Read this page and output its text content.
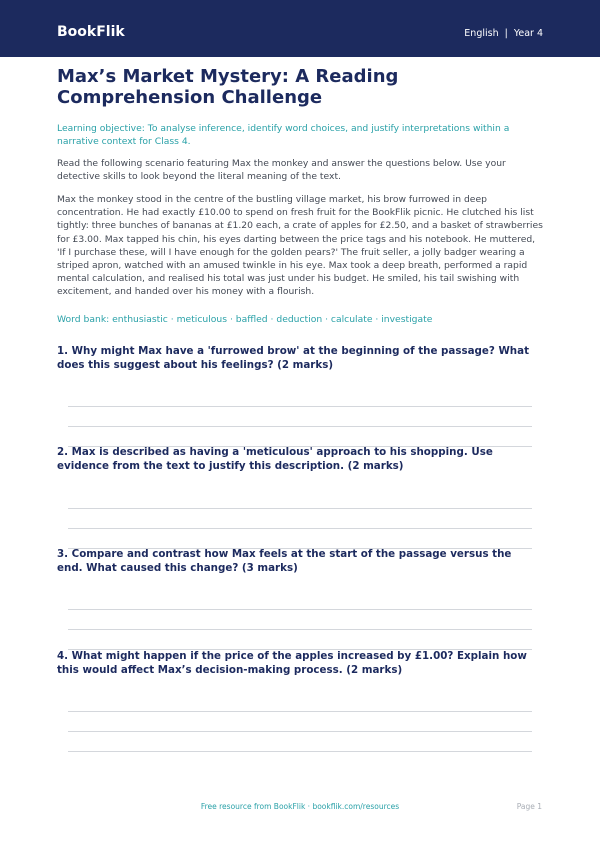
BookFlik	English | Year 4
Max’s Market Mystery: A Reading Comprehension Challenge

Learning objective: To analyse inference, identify word choices, and justify interpretations within a narrative context for Class 4.

Read the following scenario featuring Max the monkey and answer the questions below. Use your detective skills to look beyond the literal meaning of the text.

Max the monkey stood in the centre of the bustling village market, his brow furrowed in deep concentration. He had exactly £10.00 to spend on fresh fruit for the BookFlik picnic. He clutched his list tightly: three bunches of bananas at £1.20 each, a crate of apples for £2.50, and a basket of strawberries for £3.00. Max tapped his chin, his eyes darting between the price tags and his notebook. He muttered, 'If I purchase these, will I have enough for the golden pears?' The fruit seller, a jolly badger wearing a striped apron, watched with an amused twinkle in his eye. Max took a deep breath, performed a rapid mental calculation, and realised his total was just under his budget. He smiled, his tail swishing with excitement, and handed over his money with a flourish.

Word bank: enthusiastic · meticulous · baffled · deduction · calculate · investigate

1. Why might Max have a 'furrowed brow' at the beginning of the passage? What does this suggest about his feelings? (2 marks)

2. Max is described as having a 'meticulous' approach to his shopping. Use evidence from the text to justify this description. (2 marks)

3. Compare and contrast how Max feels at the start of the passage versus the end. What caused this change? (3 marks)

4. What might happen if the price of the apples increased by £1.00? Explain how this would affect Max’s decision-making process. (2 marks)

Free resource from BookFlik · bookflik.com/resources	Page 1
